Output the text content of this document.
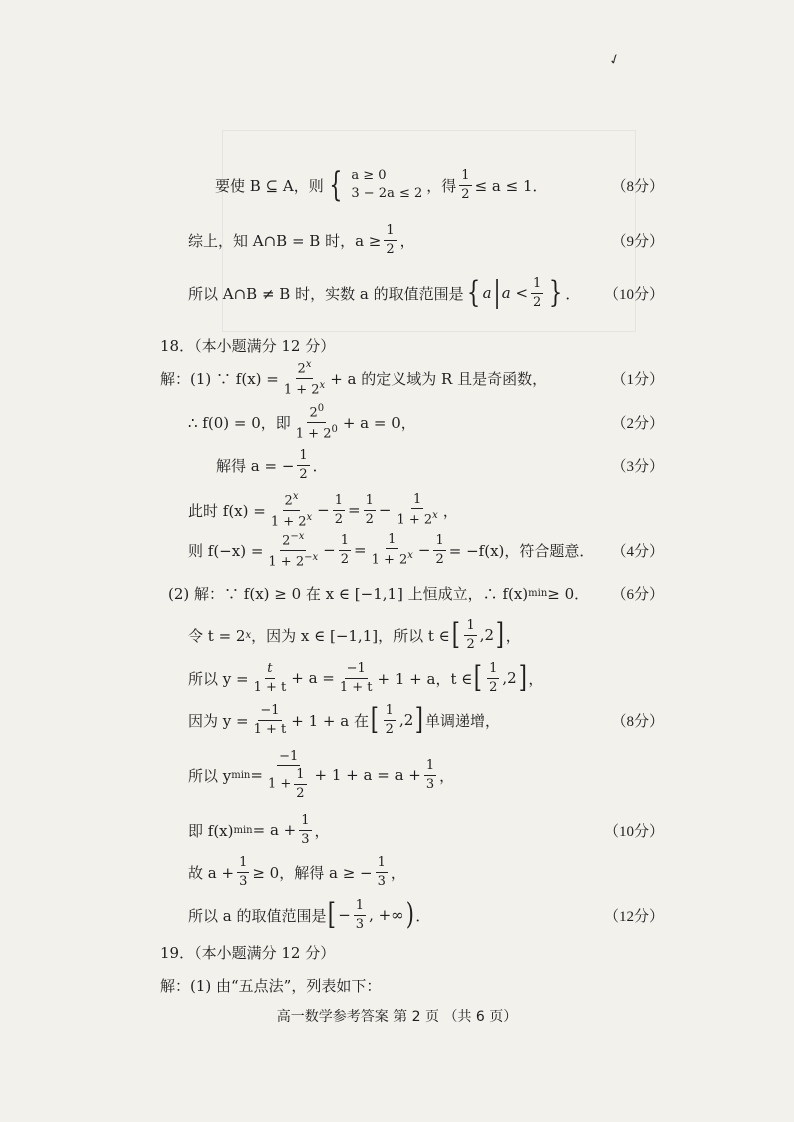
✓
要使 B ⊆ A，则 { a ≥ 0
3 − 2a ≤ 2 ，得 $\frac{1}{2} \le a \le 1$．	（8分）
综上，知 A∩B = B 时，$a \ge \frac{1}{2}$ ，	（9分）
所以 A∩B ≠ B 时，实数 a 的取值范围是 { a | $a < \frac{1}{2}$ } ． （10分）
18．（本小题满分 12 分）
解：(1) ∵ $f(x) = \frac{2^x}{1 + 2^x} + a$ 的定义域为 R 且是奇函数，	（1分）
∴ f(0) = 0，即 $\frac{2^0}{1 + 2^0} + a = 0$，	（2分）
解得 a = − $\frac{1}{2}$ ．	（3分）
此时 $f(x) = \frac{2^x}{1 + 2^x} - \frac{1}{2} = \frac{1}{2} - \frac{1}{1 + 2^x}$ ，
则 $f(-x) = \frac{2^{-x}}{1 + 2^{-x}} - \frac{1}{2} = \frac{1}{1 + 2^x} - \frac{1}{2} = -f(x)$，符合题意． （4分）
(2) 解：∵ f(x) ≥ 0 在 x ∈ [−1,1] 上恒成立，∴ f(x) min ≥ 0． （6分）
令 t = 2 x ，因为 x ∈ [−1,1]，所以 t ∈ [ $\frac{1}{2} ,2$ ] ，
所以 $y = \frac{t}{1 + t} + a = \frac{-1}{1 + t} + 1 + a$，t ∈ [ $\frac{1}{2} ,2$ ] ，
因为 $y = \frac{-1}{1 + t} + 1 + a$ 在 [ $\frac{1}{2} ,2$ ] 单调递增，	（8分）
所以 y $\min = \frac{-1}{1 + \frac{1}{2}} + 1 + a = a + \frac{1}{3}$ ，
即 f(x) $\min = a + \frac{1}{3}$ ，	（10分）
故 $a + \frac{1}{3} \ge 0$，解得 a ≥ − $\frac{1}{3}$ ，
所以 a 的取值范围是 [ − $\frac{1}{3}$ , +∞ ) ．	（12分）
19．（本小题满分 12 分）
解：(1) 由“五点法”，列表如下：
高一数学参考答案 第 2 页 （共 6 页）
